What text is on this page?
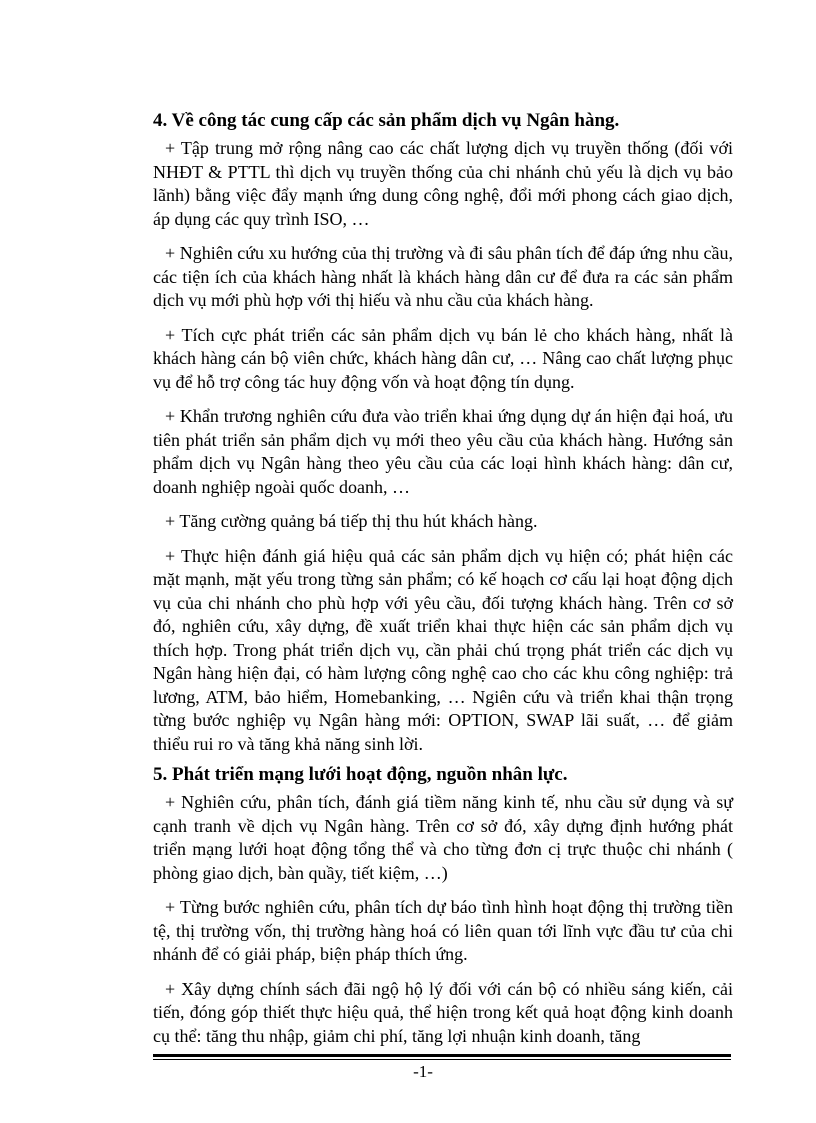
4. Về công tác cung cấp các sản phẩm dịch vụ Ngân hàng.

+ Tập trung mở rộng nâng cao các chất lượng dịch vụ truyền thống (đối với NHĐT & PTTL thì dịch vụ truyền thống của chi nhánh chủ yếu là dịch vụ bảo lãnh) bằng việc đẩy mạnh ứng dung công nghệ, đổi mới phong cách giao dịch, áp dụng các quy trình ISO, …

+ Nghiên cứu xu hướng của thị trường và đi sâu phân tích để đáp ứng nhu cầu, các tiện ích của khách hàng nhất là khách hàng dân cư để đưa ra các sản phẩm dịch vụ mới phù hợp với thị hiếu và nhu cầu của khách hàng.

+ Tích cực phát triển các sản phẩm dịch vụ bán lẻ cho khách hàng, nhất là khách hàng cán bộ viên chức, khách hàng dân cư, … Nâng cao chất lượng phục vụ để hỗ trợ công tác huy động vốn và hoạt động tín dụng.

+ Khẩn trương nghiên cứu đưa vào triển khai ứng dụng dự án hiện đại hoá, ưu tiên phát triển sản phẩm dịch vụ mới theo yêu cầu của khách hàng. Hướng sản phẩm dịch vụ Ngân hàng theo yêu cầu của các loại hình khách hàng: dân cư, doanh nghiệp ngoài quốc doanh, …

+ Tăng cường quảng bá tiếp thị thu hút khách hàng.

+ Thực hiện đánh giá hiệu quả các sản phẩm dịch vụ hiện có; phát hiện các mặt mạnh, mặt yếu trong từng sản phẩm; có kế hoạch cơ cấu lại hoạt động dịch vụ của chi nhánh cho phù hợp với yêu cầu, đối tượng khách hàng. Trên cơ sở đó, nghiên cứu, xây dựng, đề xuất triển khai thực hiện các sản phẩm dịch vụ thích hợp. Trong phát triển dịch vụ, cần phải chú trọng phát triển các dịch vụ Ngân hàng hiện đại, có hàm lượng công nghệ cao cho các khu công nghiệp: trả lương, ATM, bảo hiểm, Homebanking, … Ngiên cứu và triển khai thận trọng từng bước nghiệp vụ Ngân hàng mới: OPTION, SWAP lãi suất, … để giảm thiểu rui ro và tăng khả năng sinh lời.

5. Phát triển mạng lưới hoạt động, nguồn nhân lực.

+ Nghiên cứu, phân tích, đánh giá tiềm năng kinh tế, nhu cầu sử dụng và sự cạnh tranh về dịch vụ Ngân hàng. Trên cơ sở đó, xây dựng định hướng phát triển mạng lưới hoạt động tổng thể và cho từng đơn cị trực thuộc chi nhánh ( phòng giao dịch, bàn quầy, tiết kiệm, …)

+ Từng bước nghiên cứu, phân tích dự báo tình hình hoạt động thị trường tiền tệ, thị trường vốn, thị trường hàng hoá có liên quan tới lĩnh vực đầu tư của chi nhánh để có giải pháp, biện pháp thích ứng.

+ Xây dựng chính sách đãi ngộ hộ lý đối với cán bộ có nhiều sáng kiến, cải tiến, đóng góp thiết thực hiệu quả, thể hiện trong kết quả hoạt động kinh doanh cụ thể: tăng thu nhập, giảm chi phí, tăng lợi nhuận kinh doanh, tăng

-1-
